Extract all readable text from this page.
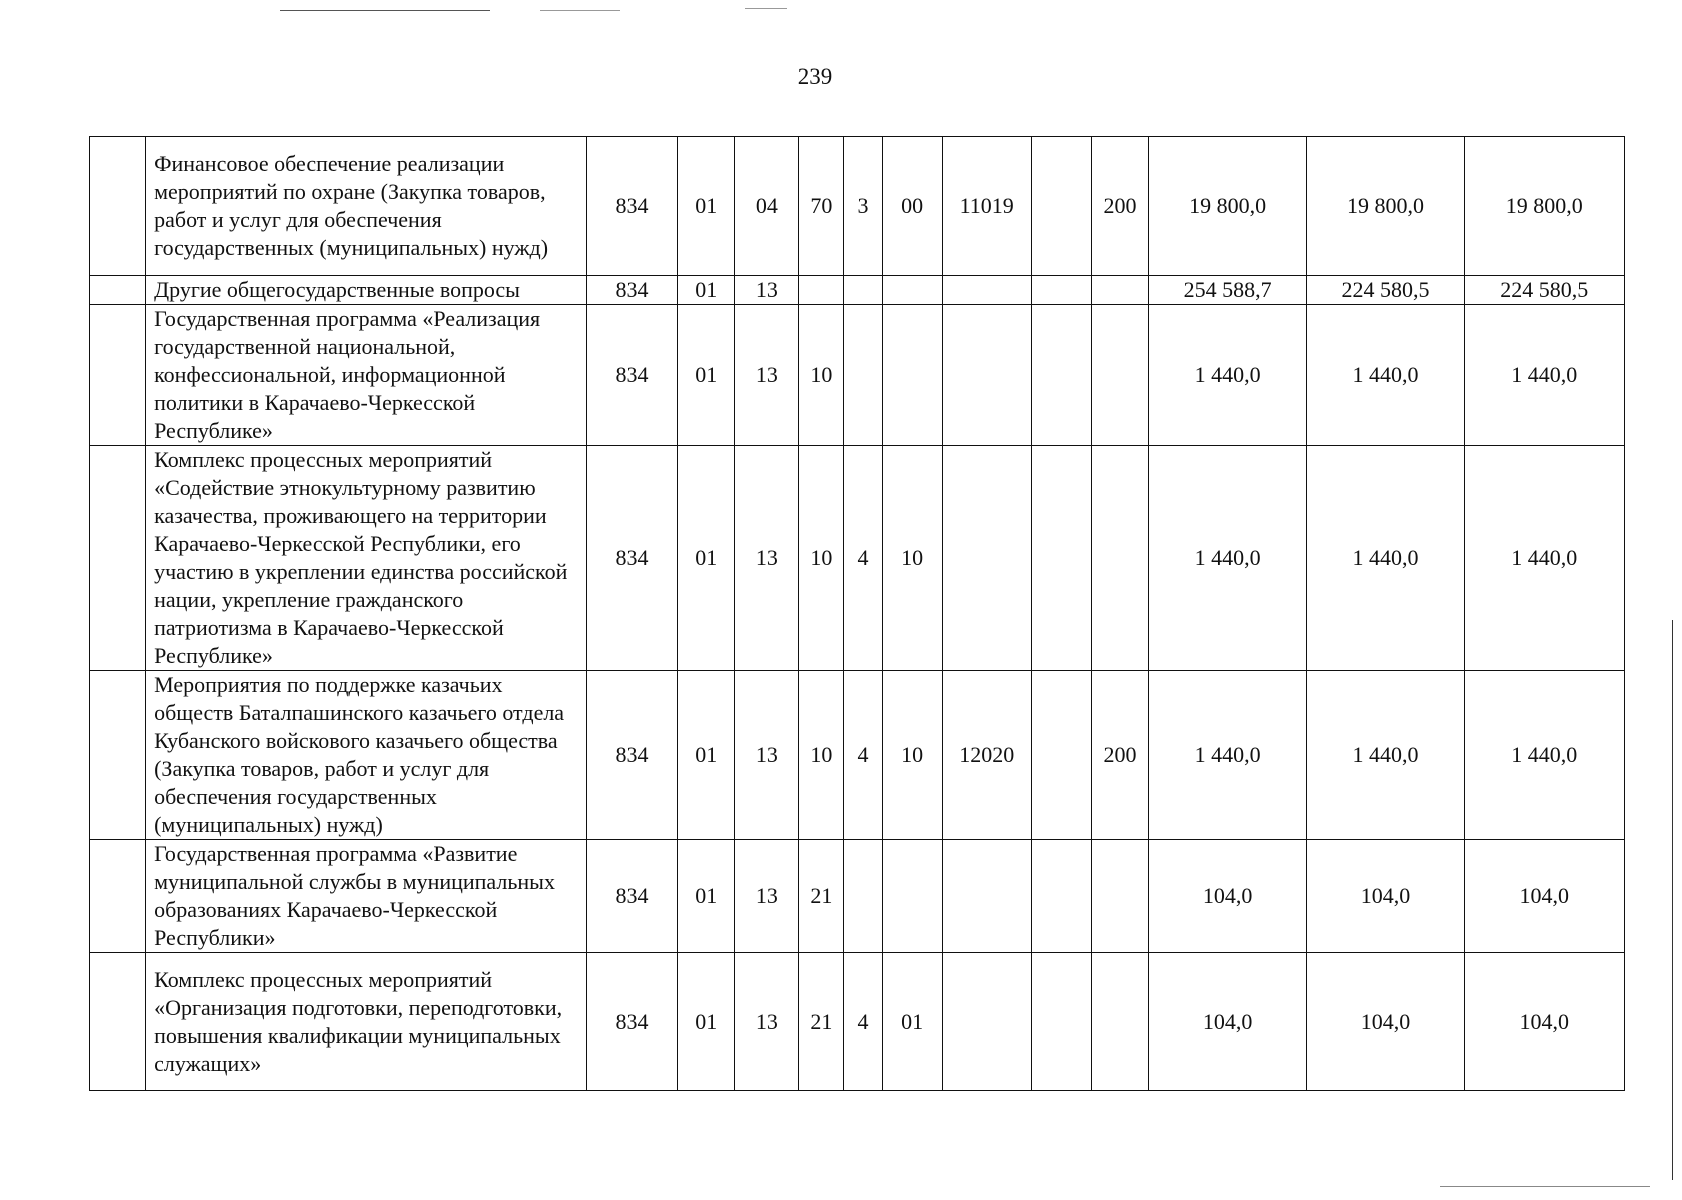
239
	Финансовое обеспечение реализации мероприятий по охране (Закупка товаров, работ и услуг для обеспечения государственных (муниципальных) нужд)	834	01	04	70	3	00	11019		200	19 800,0	19 800,0	19 800,0
	Другие общегосударственные вопросы	834	01	13							254 588,7	224 580,5	224 580,5
	Государственная программа «Реализация государственной национальной, конфессиональной, информационной политики в Карачаево-Черкесской Республике»	834	01	13	10						1 440,0	1 440,0	1 440,0
	Комплекс процессных мероприятий «Содействие этнокультурному развитию казачества, проживающего на территории Карачаево-Черкесской Республики, его участию в укреплении единства российской нации, укрепление гражданского патриотизма в Карачаево-Черкесской Республике»	834	01	13	10	4	10				1 440,0	1 440,0	1 440,0
	Мероприятия по поддержке казачьих обществ Баталпашинского казачьего отдела Кубанского войскового казачьего общества (Закупка товаров, работ и услуг для обеспечения государственных (муниципальных) нужд)	834	01	13	10	4	10	12020		200	1 440,0	1 440,0	1 440,0
	Государственная программа «Развитие муниципальной службы в муниципальных образованиях Карачаево-Черкесской Республики»	834	01	13	21						104,0	104,0	104,0
	Комплекс процессных мероприятий «Организация подготовки, переподготовки, повышения квалификации муниципальных служащих»	834	01	13	21	4	01				104,0	104,0	104,0
